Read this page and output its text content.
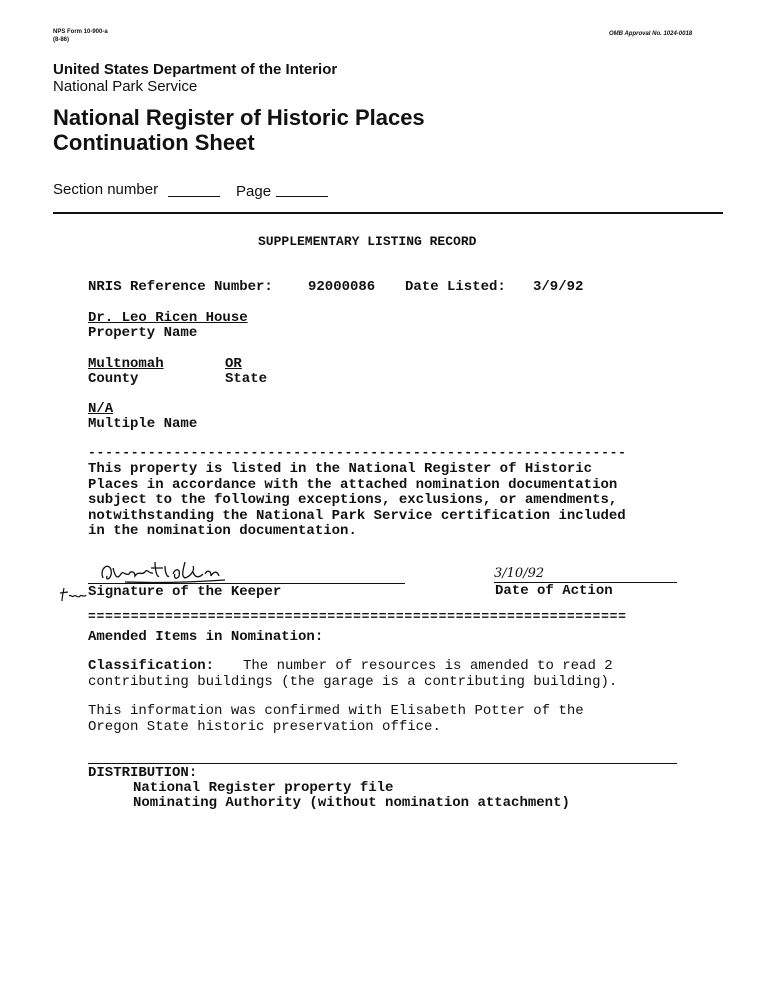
NPS Form 10-900-a
(8-86)
OMB Approval No. 1024-0018
United States Department of the Interior
National Park Service
National Register of Historic Places
Continuation Sheet
Section number	Page
SUPPLEMENTARY LISTING RECORD
NRIS Reference Number:	92000086 Date Listed: 3/9/92
Dr. Leo Ricen House
Property Name
Multnomah	OR
County	State
N/A
Multiple Name
---------------------------------------------------------------
This property is listed in the National Register of Historic
Places in accordance with the attached nomination documentation
subject to the following exceptions, exclusions, or amendments,
notwithstanding the National Park Service certification included
in the nomination documentation.
Signature of the Keeper
3/10/92
Date of Action
===============================================================
Amended Items in Nomination:
Classification: The number of resources is amended to read 2
contributing buildings (the garage is a contributing building).
This information was confirmed with Elisabeth Potter of the
Oregon State historic preservation office.
DISTRIBUTION:
National Register property file
Nominating Authority (without nomination attachment)
